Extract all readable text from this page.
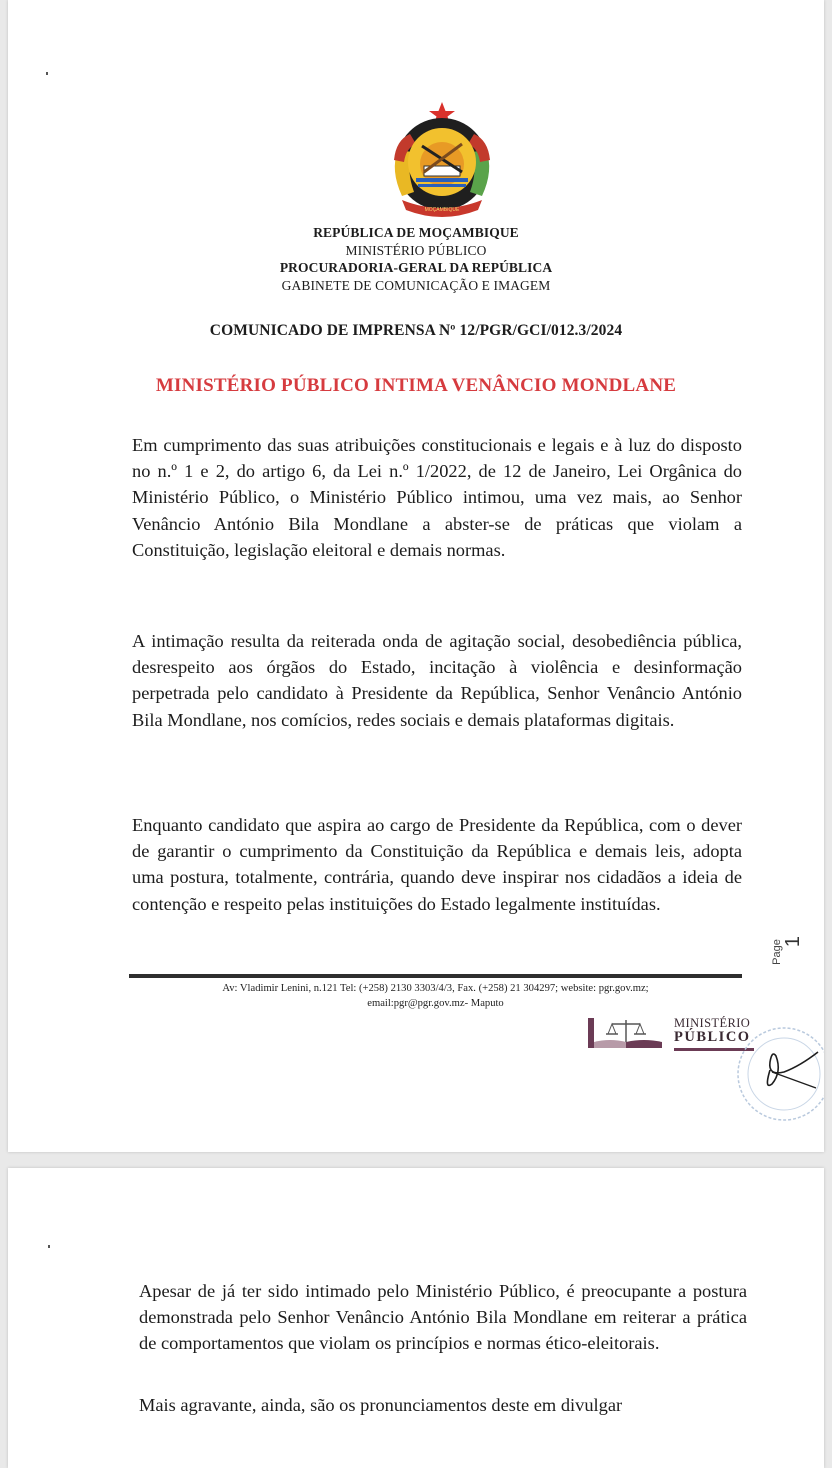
MOÇAMBIQUE
REPÚBLICA DE MOÇAMBIQUE
MINISTÉRIO PÚBLICO
PROCURADORIA-GERAL DA REPÚBLICA
GABINETE DE COMUNICAÇÃO E IMAGEM
COMUNICADO DE IMPRENSA Nº 12/PGR/GCI/012.3/2024
MINISTÉRIO PÚBLICO INTIMA VENÂNCIO MONDLANE

Em cumprimento das suas atribuições constitucionais e legais e à luz do disposto no n.º 1 e 2, do artigo 6, da Lei n.º 1/2022, de 12 de Janeiro, Lei Orgânica do Ministério Público, o Ministério Público intimou, uma vez mais, ao Senhor Venâncio António Bila Mondlane a abster-se de práticas que violam a Constituição, legislação eleitoral e demais normas.

A intimação resulta da reiterada onda de agitação social, desobediência pública, desrespeito aos órgãos do Estado, incitação à violência e desinformação perpetrada pelo candidato à Presidente da República, Senhor Venâncio António Bila Mondlane, nos comícios, redes sociais e demais plataformas digitais.

Enquanto candidato que aspira ao cargo de Presidente da República, com o dever de garantir o cumprimento da Constituição da República e demais leis, adopta uma postura, totalmente, contrária, quando deve inspirar nos cidadãos a ideia de contenção e respeito pelas instituições do Estado legalmente instituídas.

Page 1
Av: Vladimir Lenini, n.121 Tel: (+258) 2130 3303/4/3, Fax. (+258) 21 304297; website: pgr.gov.mz;
email:pgr@pgr.gov.mz- Maputo
MINISTÉRIO
PÚBLICO

Apesar de já ter sido intimado pelo Ministério Público, é preocupante a postura demonstrada pelo Senhor Venâncio António Bila Mondlane em reiterar a prática de comportamentos que violam os princípios e normas ético-eleitorais.

Mais agravante, ainda, são os pronunciamentos deste em divulgar
